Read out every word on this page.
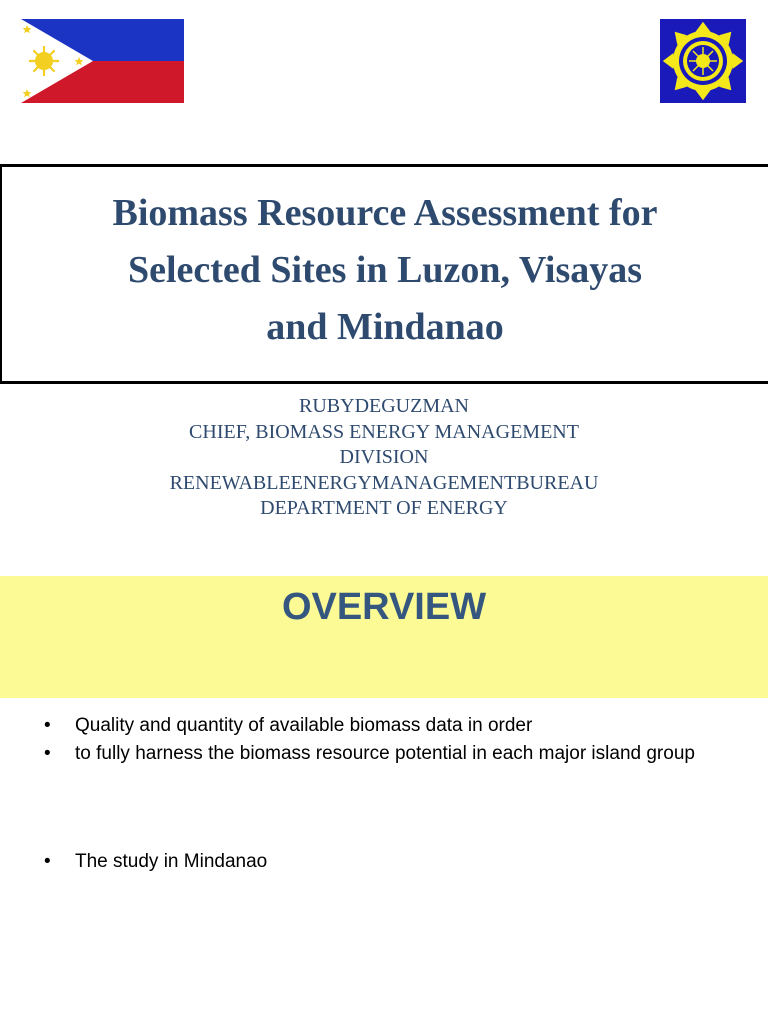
Biomass Resource Assessment for
Selected Sites in Luzon, Visayas
and Mindanao
RUBYDEGUZMAN
CHIEF, BIOMASS ENERGY MANAGEMENT
DIVISION
RENEWABLEENERGYMANAGEMENTBUREAU
DEPARTMENT OF ENERGY
OVERVIEW
• Quality and quantity of available biomass data in order
• to fully harness the biomass resource potential in each major island group
• The study in Mindanao
